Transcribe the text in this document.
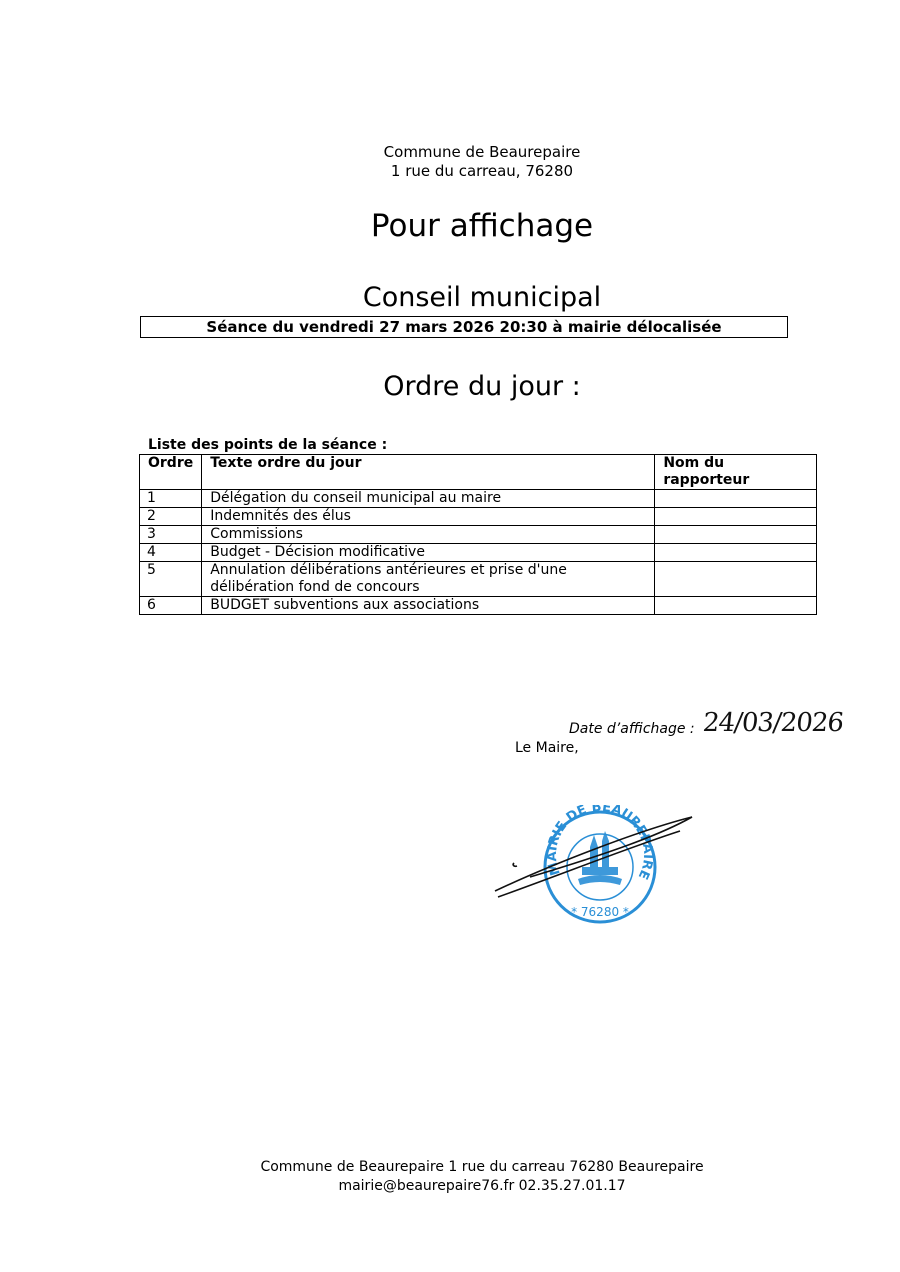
Commune de Beaurepaire
1 rue du carreau, 76280
Pour affichage
Conseil municipal
Séance du vendredi 27 mars 2026 20:30 à mairie délocalisée
Ordre du jour :
Liste des points de la séance :
Ordre	Texte ordre du jour	Nom du rapporteur
1	Délégation du conseil municipal au maire	
2	Indemnités des élus	
3	Commissions	
4	Budget - Décision modificative	
5	Annulation délibérations antérieures et prise d'une délibération fond de concours	
6	BUDGET subventions aux associations	
Date d’affichage : 24/03/2026
Le Maire,
MAIRIE DE BEAUREPAIRE
* 76280 *
Commune de Beaurepaire 1 rue du carreau 76280 Beaurepaire
mairie@beaurepaire76.fr 02.35.27.01.17
